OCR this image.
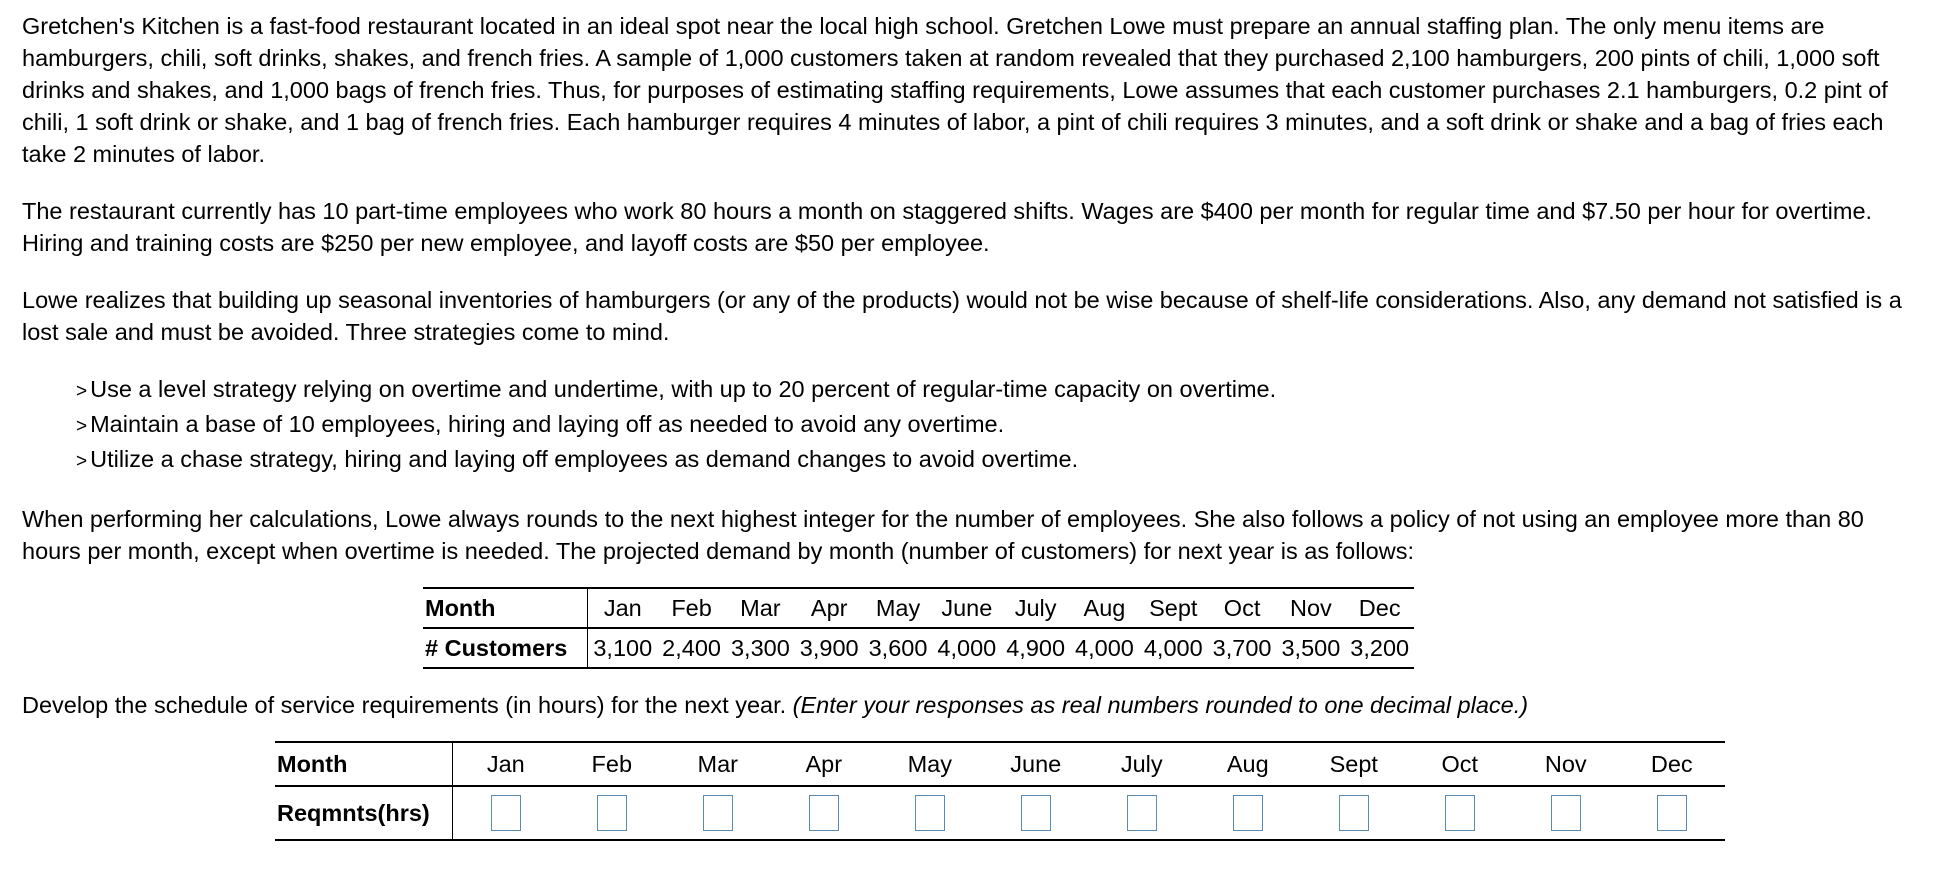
Gretchen's Kitchen is a fast-food restaurant located in an ideal spot near the local high school. Gretchen Lowe must prepare an annual staffing plan. The only menu items are hamburgers, chili, soft drinks, shakes, and french fries. A sample of 1,000 customers taken at random revealed that they purchased 2,100 hamburgers, 200 pints of chili, 1,000 soft drinks and shakes, and 1,000 bags of french fries. Thus, for purposes of estimating staffing requirements, Lowe assumes that each customer purchases 2.1 hamburgers, 0.2 pint of chili, 1 soft drink or shake, and 1 bag of french fries. Each hamburger requires 4 minutes of labor, a pint of chili requires 3 minutes, and a soft drink or shake and a bag of fries each take 2 minutes of labor.

The restaurant currently has 10 part-time employees who work 80 hours a month on staggered shifts. Wages are $400 per month for regular time and $7.50 per hour for overtime. Hiring and training costs are $250 per new employee, and layoff costs are $50 per employee.

Lowe realizes that building up seasonal inventories of hamburgers (or any of the products) would not be wise because of shelf-life considerations. Also, any demand not satisfied is a lost sale and must be avoided. Three strategies come to mind.

> Use a level strategy relying on overtime and undertime, with up to 20 percent of regular-time capacity on overtime.
> Maintain a base of 10 employees, hiring and laying off as needed to avoid any overtime.
> Utilize a chase strategy, hiring and laying off employees as demand changes to avoid overtime.

When performing her calculations, Lowe always rounds to the next highest integer for the number of employees. She also follows a policy of not using an employee more than 80 hours per month, except when overtime is needed. The projected demand by month (number of customers) for next year is as follows:

Month	Jan	Feb	Mar	Apr	May	June	July	Aug	Sept	Oct	Nov	Dec
# Customers	3,100	2,400	3,300	3,900	3,600	4,000	4,900	4,000	4,000	3,700	3,500	3,200
Develop the schedule of service requirements (in hours) for the next year. (Enter your responses as real numbers rounded to one decimal place.)
Month	Jan	Feb	Mar	Apr	May	June	July	Aug	Sept	Oct	Nov	Dec
Reqmnts(hrs)												
